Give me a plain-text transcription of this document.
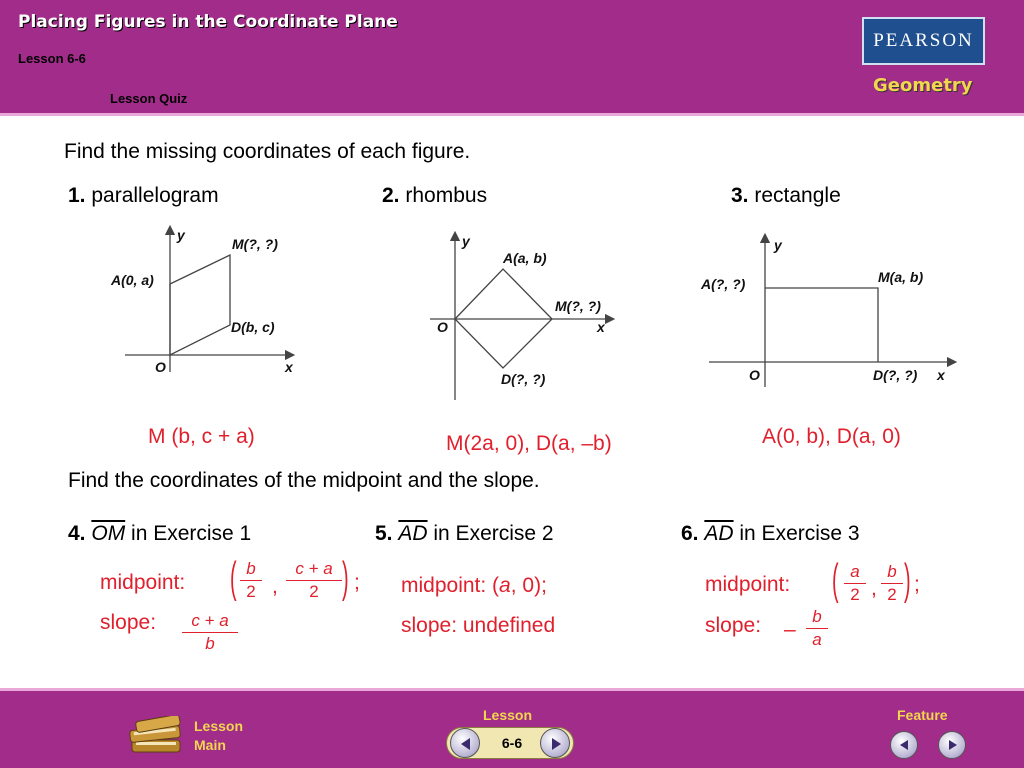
Placing Figures in the Coordinate Plane
Lesson 6-6
Lesson Quiz
PEARSON
Geometry
Find the missing coordinates of each figure.
1. parallelogram	2. rhombus	3. rectangle
y
x
O
A(0, a)
M(?, ?)
D(b, c)
y
x
O
A(a, b)
M(?, ?)
D(?, ?)
y
x
O
A(?, ?)	M(a, b)
D(?, ?)
M (b, c + a)	M(2a, 0), D(a, –b)	A(0, b), D(a, 0)
Find the coordinates of the midpoint and the slope.
4. $\overline{OM}$ in Exercise 1	5. $\overline{AD}$ in Exercise 2	6. $\overline{AD}$ in Exercise 3
midpoint: ( $\frac{b}{2}$ , $\frac{c + a}{2}$ ) ;
slope: $\frac{c + a}{b}$
midpoint: (a, 0);
slope: undefined
midpoint: ( $\frac{a}{2}$ , $\frac{b}{2}$ ) ;
slope: – $\frac{b}{a}$
Lesson
Main
Lesson
6-6
Feature
